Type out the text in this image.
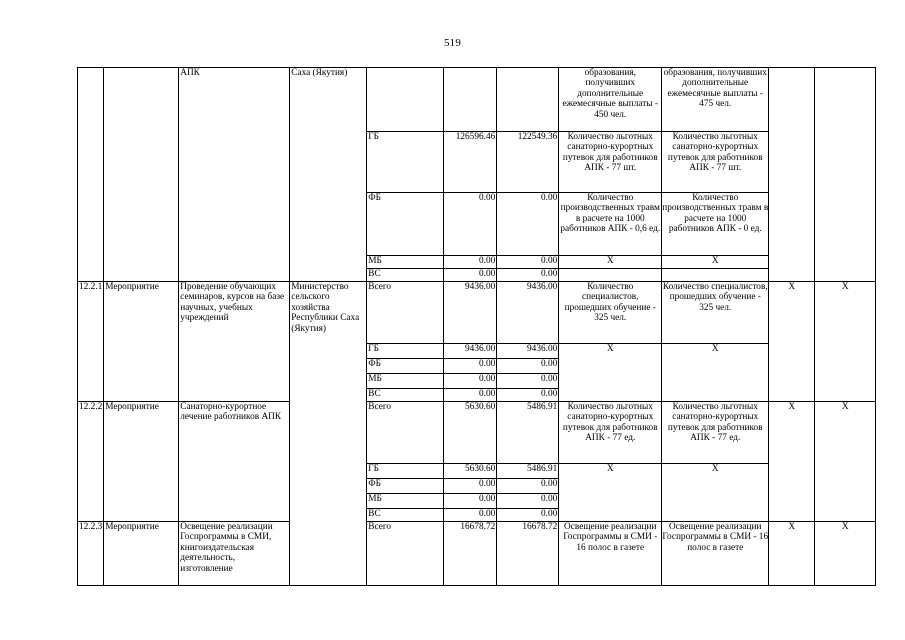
519
		АПК	Саха (Якутия)				образования, получивших дополнительные ежемесячные выплаты - 450 чел.	образования, получивших дополнительные ежемесячные выплаты - 475 чел.		
				ГБ	126596.46	122549.36	Количество льготных санаторно-курортных путевок для работников АПК - 77 шт.	Количество льготных санаторно-курортных путевок для работников АПК - 77 шт.		
				ФБ	0.00	0.00	Количество производственных травм в расчете на 1000 работников АПК - 0,6 ед.	Количество производственных травм в расчете на 1000 работников АПК - 0 ед.		
				МБ	0.00	0.00	X	X		
				ВС	0.00	0.00				
12.2.1	Мероприятие	Проведение обучающих семинаров, курсов на базе научных, учебных учреждений	Министерство сельского хозяйства Республики Саха (Якутия)	Всего	9436.00	9436.00	Количество специалистов, прошедших обучение - 325 чел.	Количество специалистов, прошедших обучение - 325 чел.	X	X
				ГБ	9436.00	9436.00	X	X		
				ФБ	0.00	0.00				
				МБ	0.00	0.00				
				ВС	0.00	0.00				
12.2.2	Мероприятие	Санаторно-курортное лечение работников АПК		Всего	5630.60	5486.91	Количество льготных санаторно-курортных путевок для работников АПК - 77 ед.	Количество льготных санаторно-курортных путевок для работников АПК - 77 ед.	X	X
				ГБ	5630.60	5486.91	X	X		
				ФБ	0.00	0.00				
				МБ	0.00	0.00				
				ВС	0.00	0.00				
12.2.3	Мероприятие	Освещение реализации Госпрограммы в СМИ, книгоиздательская деятельность, изготовление		Всего	16678.72	16678.72	Освещение реализации Госпрограммы в СМИ - 16 полос в газете	Освещение реализации Госпрограммы в СМИ - 16 полос в газете	X	X
